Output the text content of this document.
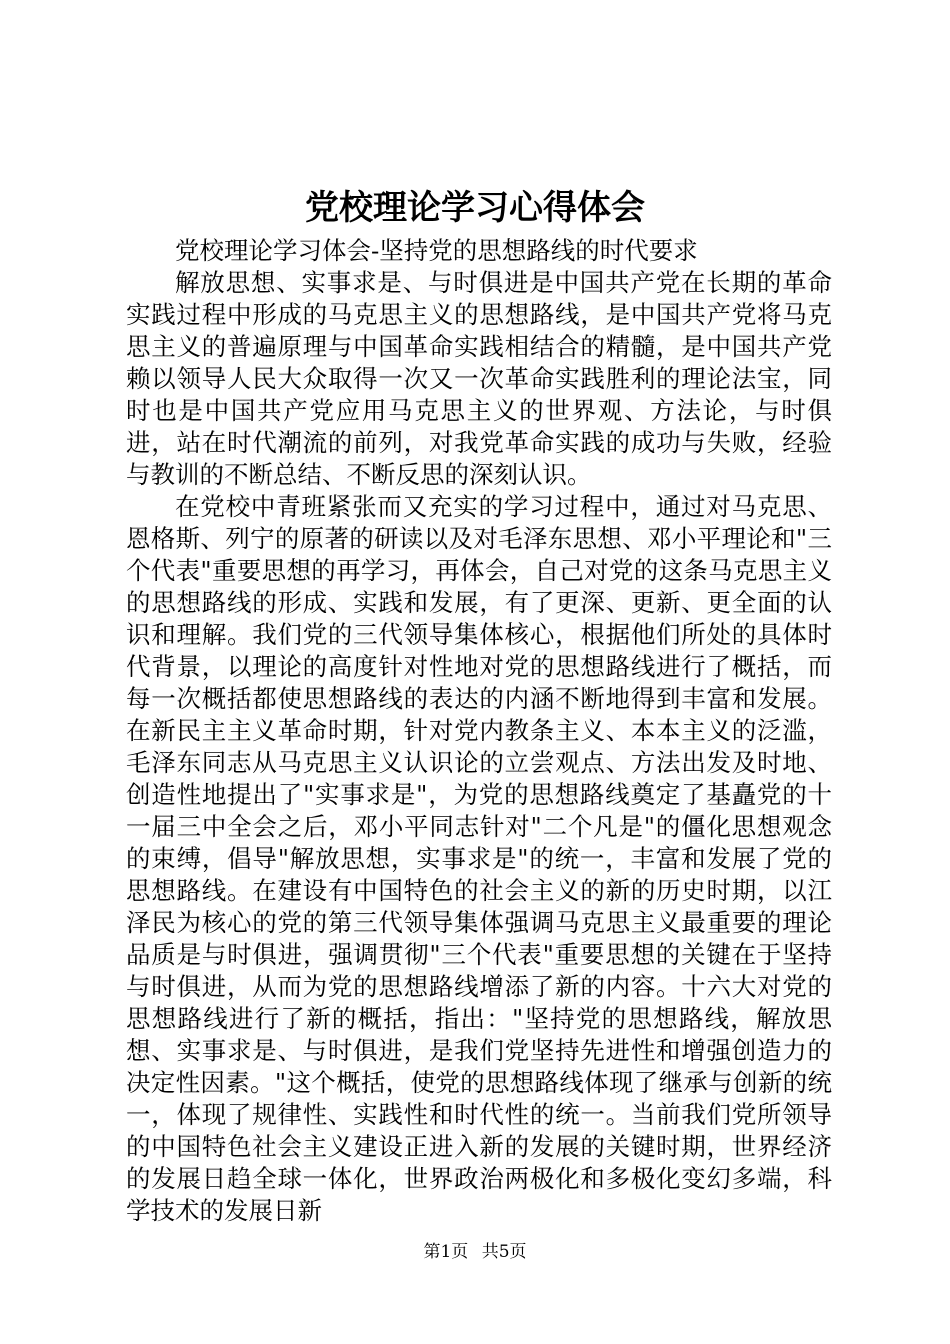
党校理论学习心得体会

党校理论学习体会-坚持党的思想路线的时代要求

解放思想、实事求是、与时俱进是中国共产党在长期的革命实践过程中形成的马克思主义的思想路线，是中国共产党将马克思主义的普遍原理与中国革命实践相结合的精髓，是中国共产党赖以领导人民大众取得一次又一次革命实践胜利的理论法宝，同时也是中国共产党应用马克思主义的世界观、方法论，与时俱进，站在时代潮流的前列，对我党革命实践的成功与失败，经验与教训的不断总结、不断反思的深刻认识。

在党校中青班紧张而又充实的学习过程中，通过对马克思、恩格斯、列宁的原著的研读以及对毛泽东思想、邓小平理论和"三个代表"重要思想的再学习，再体会，自己对党的这条马克思主义的思想路线的形成、实践和发展，有了更深、更新、更全面的认识和理解。我们党的三代领导集体核心，根据他们所处的具体时代背景，以理论的高度针对性地对党的思想路线进行了概括，而每一次概括都使思想路线的表达的内涵不断地得到丰富和发展。在新民主主义革命时期，针对党内教条主义、本本主义的泛滥，毛泽东同志从马克思主义认识论的立尝观点、方法出发及时地、创造性地提出了"实事求是"，为党的思想路线奠定了基矗党的十一届三中全会之后，邓小平同志针对"二个凡是"的僵化思想观念的束缚，倡导"解放思想，实事求是"的统一，丰富和发展了党的思想路线。在建设有中国特色的社会主义的新的历史时期，以江泽民为核心的党的第三代领导集体强调马克思主义最重要的理论品质是与时俱进，强调贯彻"三个代表"重要思想的关键在于坚持与时俱进，从而为党的思想路线增添了新的内容。十六大对党的思想路线进行了新的概括，指出："坚持党的思想路线，解放思想、实事求是、与时俱进，是我们党坚持先进性和增强创造力的决定性因素。"这个概括，使党的思想路线体现了继承与创新的统一，体现了规律性、实践性和时代性的统一。当前我们党所领导的中国特色社会主义建设正进入新的发展的关键时期，世界经济的发展日趋全球一体化，世界政治两极化和多极化变幻多端，科学技术的发展日新

第1页 共5页
